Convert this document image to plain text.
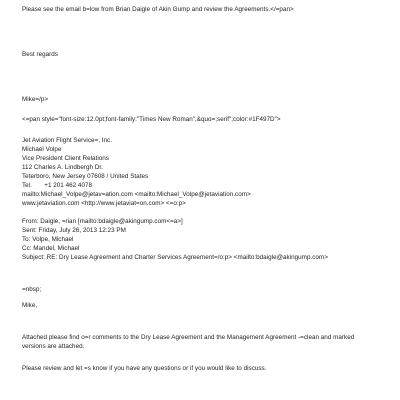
Please see the email b=low from Brian Daigle of Akin Gump and review the Agreements.</=pan>

Best regards

Mike=/p>

<=pan style="font-size:12.0pt;font-family:"Times New Roman",&quo=;serif";color:#1F497D">

Jet Aviation Flight Service=, Inc.

Michael Volpe

Vice President Client Relations

112 Charles A. Lindbergh Dr.

Teterboro, New Jersey 07608 / United States

Tel.       +1 201 462 4078

mailto:Michael_Volpe@jetav=ation.com <mailto:Michael_Volpe@jetaviation.com>

www.jetaviation.com <http://www.jetaviat=on.com> <=o:p>

From: Daigle, =rian [mailto:bdaigle@akingump.com<=a>]

Sent: Friday, July 26, 2013 12:23 PM

To: Volpe, Michael

Cc: Mandel, Michael

Subject: RE: Dry Lease Agreement and Charter Services Agreement=/o:p> <mailto:bdaigle@akingump.com>

=nbsp;

Mike,

Attached please find o=r comments to the Dry Lease Agreement and the Management Agreement -=clean and marked

versions are attached.

Please review and let =s know if you have any questions or if you would like to discuss.
